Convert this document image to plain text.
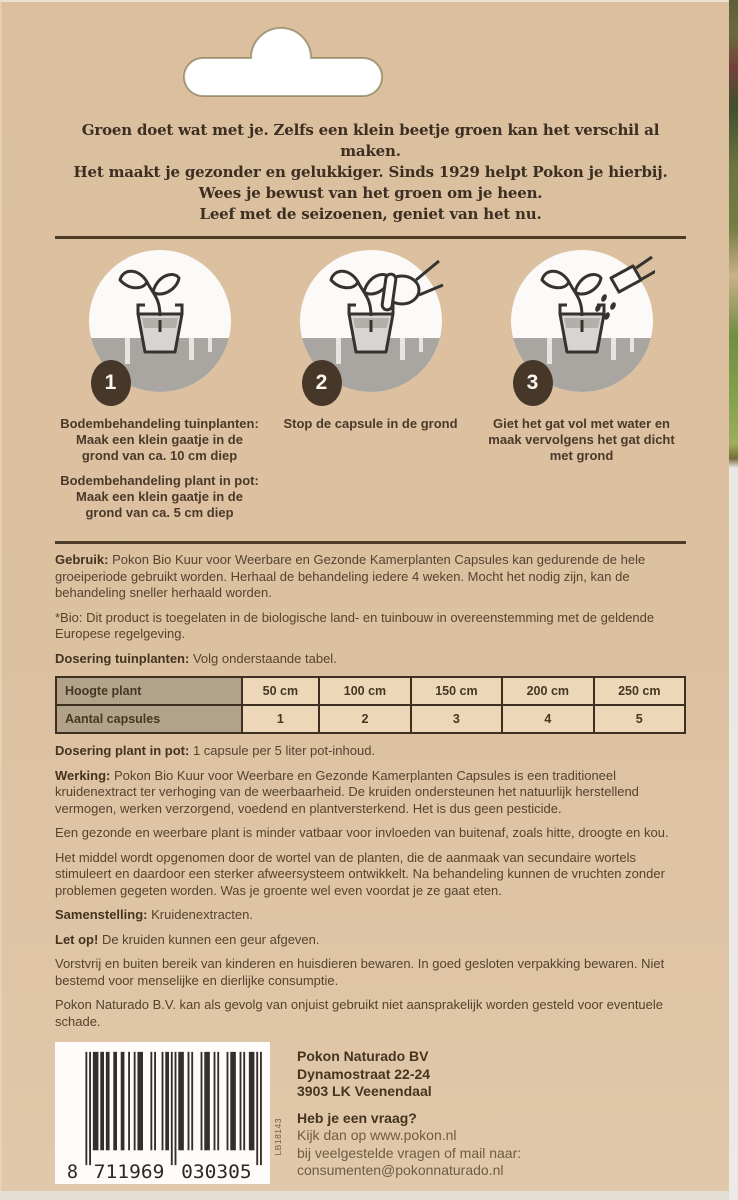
Groen doet wat met je. Zelfs een klein beetje groen kan het verschil al maken.
Het maakt je gezonder en gelukkiger. Sinds 1929 helpt Pokon je hierbij.
Wees je bewust van het groen om je heen.
Leef met de seizoenen, geniet van het nu.
1
Bodembehandeling tuinplanten:
Maak een klein gaatje in de grond van ca. 10 cm diep
Bodembehandeling plant in pot:
Maak een klein gaatje in de grond van ca. 5 cm diep
2
Stop de capsule in de grond
3
Giet het gat vol met water en maak vervolgens het gat dicht met grond

Gebruik: Pokon Bio Kuur voor Weerbare en Gezonde Kamerplanten Capsules kan gedurende de hele groeiperiode gebruikt worden. Herhaal de behandeling iedere 4 weken. Mocht het nodig zijn, kan de behandeling sneller herhaald worden.

*Bio: Dit product is toegelaten in de biologische land- en tuinbouw in overeenstemming met de geldende Europese regelgeving.

Dosering tuinplanten: Volg onderstaande tabel.

Hoogte plant	50 cm	100 cm	150 cm	200 cm	250 cm
Aantal capsules	1	2	3	4	5

Dosering plant in pot: 1 capsule per 5 liter pot-inhoud.

Werking: Pokon Bio Kuur voor Weerbare en Gezonde Kamerplanten Capsules is een traditioneel kruidenextract ter verhoging van de weerbaarheid. De kruiden ondersteunen het natuurlijk herstellend vermogen, werken verzorgend, voedend en plantversterkend. Het is dus geen pesticide.

Een gezonde en weerbare plant is minder vatbaar voor invloeden van buitenaf, zoals hitte, droogte en kou.

Het middel wordt opgenomen door de wortel van de planten, die de aanmaak van secundaire wortels stimuleert en daardoor een sterker afweersysteem ontwikkelt. Na behandeling kunnen de vruchten zonder problemen gegeten worden. Was je groente wel even voordat je ze gaat eten.

Samenstelling: Kruidenextracten.

Let op! De kruiden kunnen een geur afgeven.

Vorstvrij en buiten bereik van kinderen en huisdieren bewaren. In goed gesloten verpakking bewaren. Niet bestemd voor menselijke en dierlijke consumptie.

Pokon Naturado B.V. kan als gevolg van onjuist gebruikt niet aansprakelijk worden gesteld voor eventuele schade.

8 711969 030305
LB18143
Pokon Naturado BV
Dynamostraat 22-24
3903 LK Veenendaal
Heb je een vraag?
Kijk dan op www.pokon.nl
bij veelgestelde vragen of mail naar:
consumenten@pokonnaturado.nl
